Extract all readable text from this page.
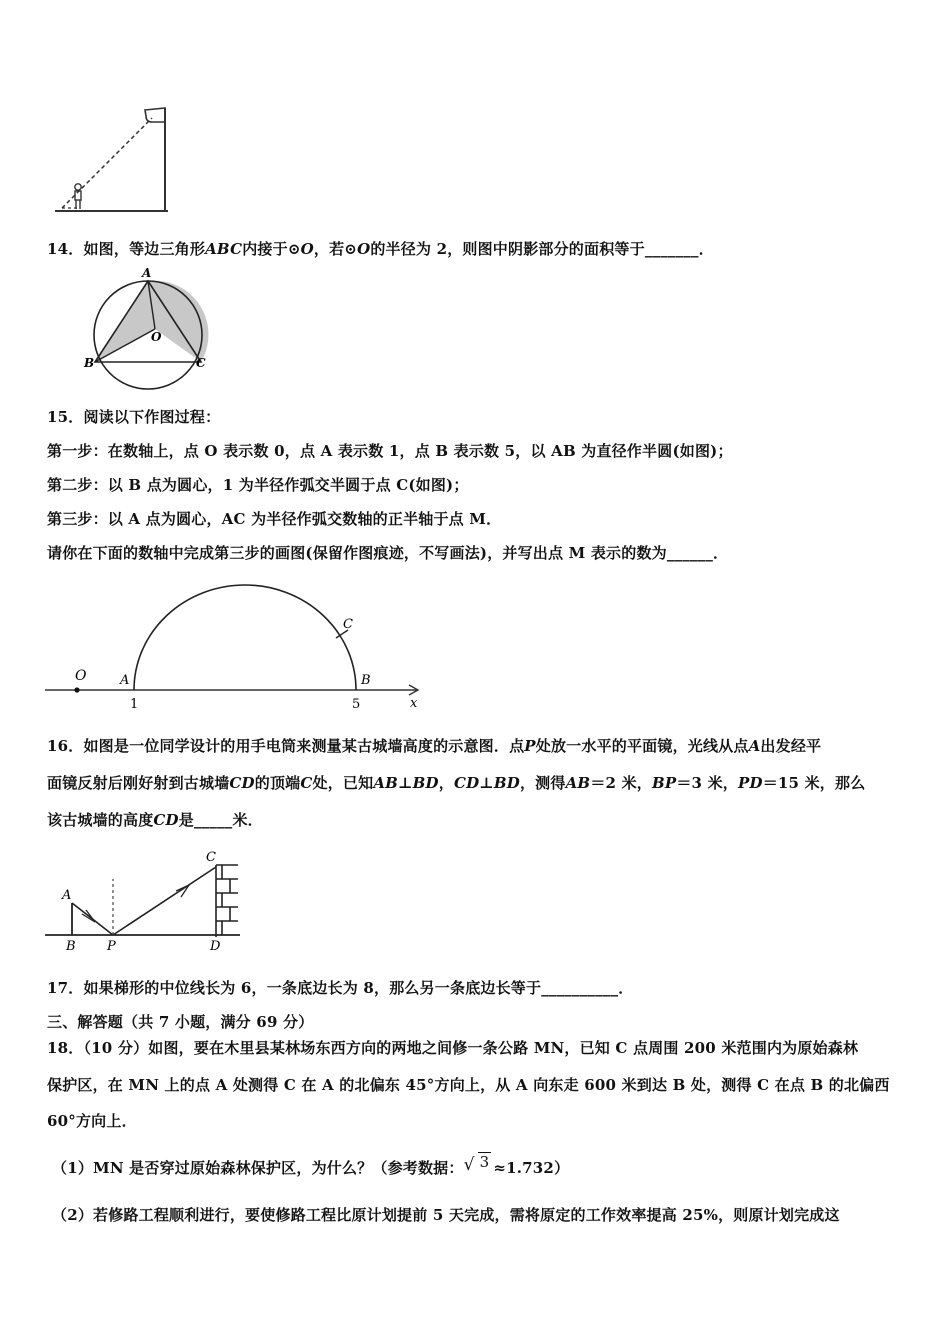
14．如图，等边三角形ABC内接于⊙O，若⊙O的半径为 2，则图中阴影部分的面积等于_______．
A
O
B	C
15．阅读以下作图过程：
第一步：在数轴上，点 O 表示数 0，点 A 表示数 1，点 B 表示数 5，以 AB 为直径作半圆(如图)；
第二步：以 B 点为圆心，1 为半径作弧交半圆于点 C(如图)；
第三步：以 A 点为圆心，AC 为半径作弧交数轴的正半轴于点 M．
请你在下面的数轴中完成第三步的画图(保留作图痕迹，不写画法)，并写出点 M 表示的数为______．
O	A	B
C
x
1	5
16．如图是一位同学设计的用手电筒来测量某古城墙高度的示意图．点P处放一水平的平面镜，光线从点A出发经平
面镜反射后刚好射到古城墙CD的顶端C处，已知AB⊥BD，CD⊥BD，测得AB＝2 米，BP＝3 米，PD＝15 米，那么
该古城墙的高度CD是_____米．
A
B P
C
D
17．如果梯形的中位线长为 6，一条底边长为 8，那么另一条底边长等于__________．
三、解答题（共 7 小题，满分 69 分）
18．（10 分）如图，要在木里县某林场东西方向的两地之间修一条公路 MN，已知 C 点周围 200 米范围内为原始森林
保护区，在 MN 上的点 A 处测得 C 在 A 的北偏东 45°方向上，从 A 向东走 600 米到达 B 处，测得 C 在点 B 的北偏西
60°方向上．
（1）MN 是否穿过原始森林保护区，为什么？（参考数据： √ 3 ≈1.732）
（2）若修路工程顺利进行，要使修路工程比原计划提前 5 天完成，需将原定的工作效率提高 25%，则原计划完成这
